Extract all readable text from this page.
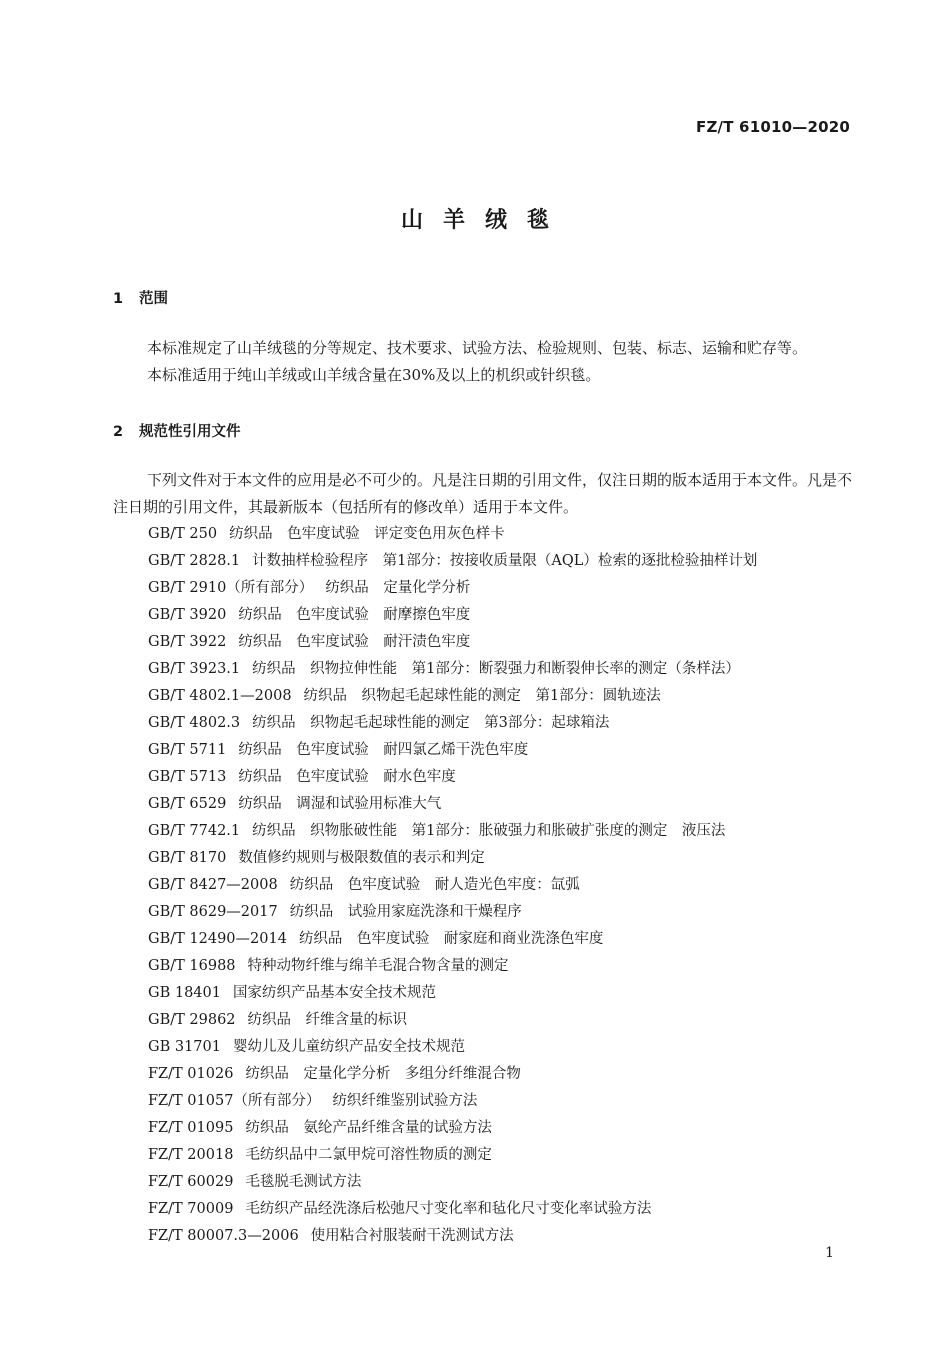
FZ/T 61010—2020
山羊绒毯
1 范围

本标准规定了山羊绒毯的分等规定、技术要求、试验方法、检验规则、包装、标志、运输和贮存等。

本标准适用于纯山羊绒或山羊绒含量在30%及以上的机织或针织毯。

2 规范性引用文件

下列文件对于本文件的应用是必不可少的。凡是注日期的引用文件，仅注日期的版本适用于本文件。凡是不注日期的引用文件，其最新版本（包括所有的修改单）适用于本文件。

GB/T 250 纺织品　色牢度试验　评定变色用灰色样卡
GB/T 2828.1 计数抽样检验程序　第1部分：按接收质量限（AQL）检索的逐批检验抽样计划
GB/T 2910（所有部分） 纺织品　定量化学分析
GB/T 3920 纺织品　色牢度试验　耐摩擦色牢度
GB/T 3922 纺织品　色牢度试验　耐汗渍色牢度
GB/T 3923.1 纺织品　织物拉伸性能　第1部分：断裂强力和断裂伸长率的测定（条样法）
GB/T 4802.1—2008 纺织品　织物起毛起球性能的测定　第1部分：圆轨迹法
GB/T 4802.3 纺织品　织物起毛起球性能的测定　第3部分：起球箱法
GB/T 5711 纺织品　色牢度试验　耐四氯乙烯干洗色牢度
GB/T 5713 纺织品　色牢度试验　耐水色牢度
GB/T 6529 纺织品　调湿和试验用标准大气
GB/T 7742.1 纺织品　织物胀破性能　第1部分：胀破强力和胀破扩张度的测定　液压法
GB/T 8170 数值修约规则与极限数值的表示和判定
GB/T 8427—2008 纺织品　色牢度试验　耐人造光色牢度：氙弧
GB/T 8629—2017 纺织品　试验用家庭洗涤和干燥程序
GB/T 12490—2014 纺织品　色牢度试验　耐家庭和商业洗涤色牢度
GB/T 16988 特种动物纤维与绵羊毛混合物含量的测定
GB 18401 国家纺织产品基本安全技术规范
GB/T 29862 纺织品　纤维含量的标识
GB 31701 婴幼儿及儿童纺织产品安全技术规范
FZ/T 01026 纺织品　定量化学分析　多组分纤维混合物
FZ/T 01057（所有部分） 纺织纤维鉴别试验方法
FZ/T 01095 纺织品　氨纶产品纤维含量的试验方法
FZ/T 20018 毛纺织品中二氯甲烷可溶性物质的测定
FZ/T 60029 毛毯脱毛测试方法
FZ/T 70009 毛纺织产品经洗涤后松弛尺寸变化率和毡化尺寸变化率试验方法
FZ/T 80007.3—2006 使用粘合衬服装耐干洗测试方法
1
